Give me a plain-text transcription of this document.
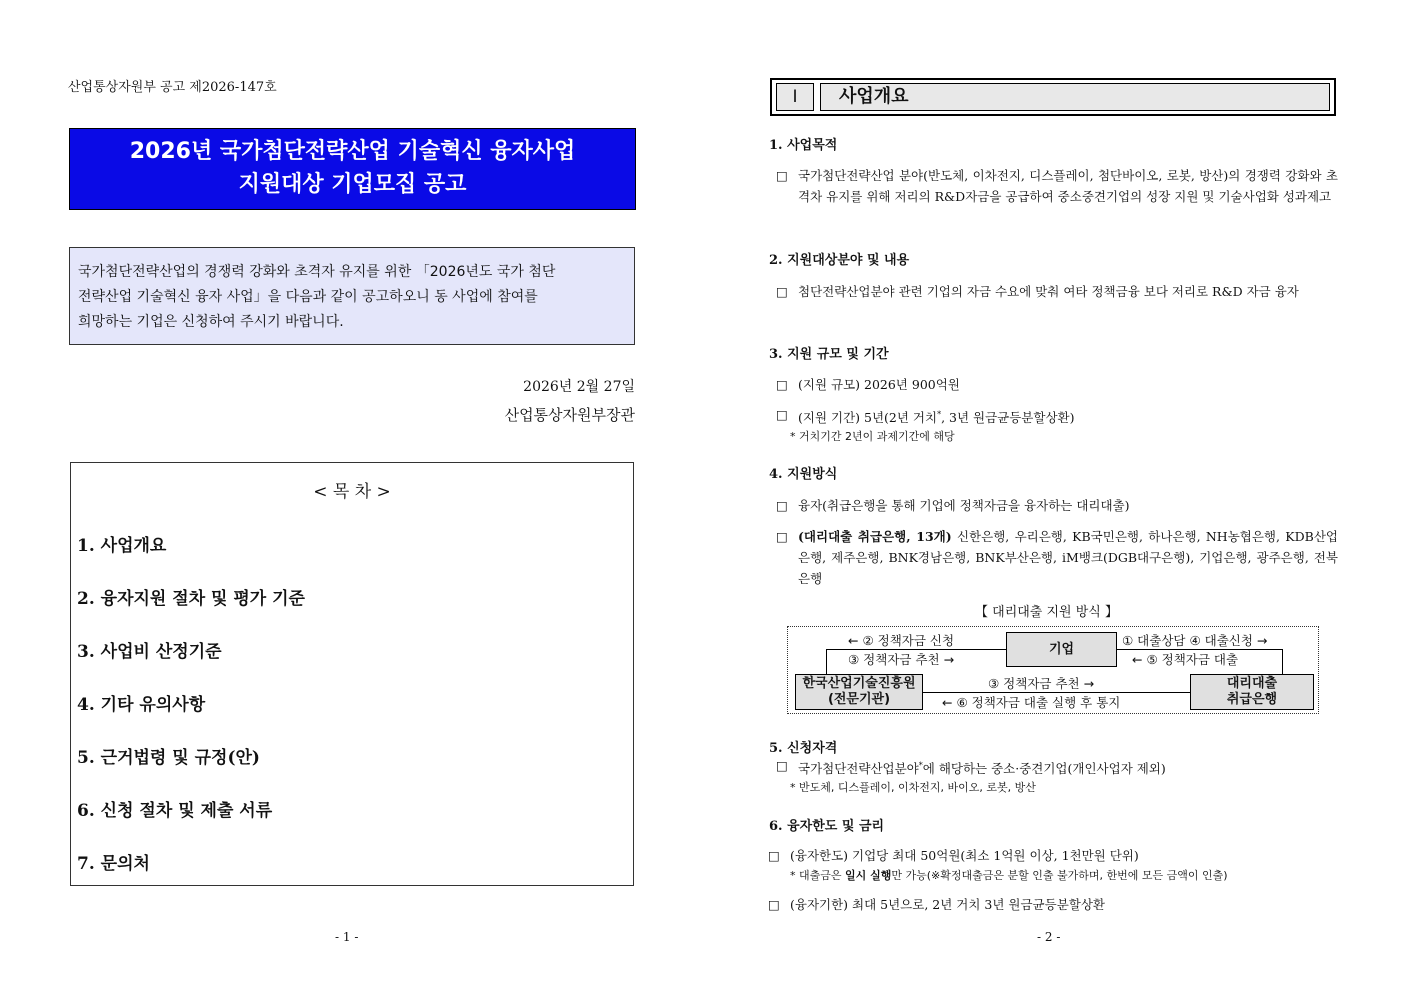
산업통상자원부 공고 제2026-147호
2026년 국가첨단전략산업 기술혁신 융자사업
지원대상 기업모집 공고
국가첨단전략산업의 경쟁력 강화와 초격자 유지를 위한 「2026년도 국가 첨단
전략산업 기술혁신 융자 사업」을 다음과 같이 공고하오니 동 사업에 참여를
희망하는 기업은 신청하여 주시기 바랍니다.
2026년 2월 27일
산업통상자원부장관
< 목 차 >
1. 사업개요
2. 융자지원 절차 및 평가 기준
3. 사업비 산정기준
4. 기타 유의사항
5. 근거법령 및 규정(안)
6. 신청 절차 및 제출 서류
7. 문의처
- 1 -
Ⅰ	사업개요
1. 사업목적
□ 국가첨단전략산업 분야(반도체, 이차전지, 디스플레이, 첨단바이오, 로봇, 방산)의 경쟁력 강화와 초격차 유지를 위해 저리의 R&D자금을 공급하여 중소중견기업의 성장 지원 및 기술사업화 성과제고
2. 지원대상분야 및 내용
□ 첨단전략산업분야 관련 기업의 자금 수요에 맞춰 여타 정책금융 보다 저리로 R&D 자금 융자
3. 지원 규모 및 기간
□ (지원 규모) 2026년 900억원
□ (지원 기간) 5년(2년 거치*, 3년 원금균등분할상환)
* 거치기간 2년이 과제기간에 해당
4. 지원방식
□ 융자(취급은행을 통해 기업에 정책자금을 융자하는 대리대출)
□ (대리대출 취급은행, 13개) 신한은행, 우리은행, KB국민은행, 하나은행, NH농협은행, KDB산업은행, 제주은행, BNK경남은행, BNK부산은행, iM뱅크(DGB대구은행), 기업은행, 광주은행, 전북은행
【 대리대출 지원 방식 】
기업
한국산업기술진흥원
(전문기관)
대리대출
취급은행
← ② 정책자금 신청
③ 정책자금 추천 →
① 대출상담 ④ 대출신청 →
← ⑤ 정책자금 대출
③ 정책자금 추천 →
← ⑥ 정책자금 대출 실행 후 통지
5. 신청자격
□ 국가첨단전략산업분야*에 해당하는 중소·중견기업(개인사업자 제외)
* 반도체, 디스플레이, 이차전지, 바이오, 로봇, 방산
6. 융자한도 및 금리
□ (융자한도) 기업당 최대 50억원(최소 1억원 이상, 1천만원 단위)
* 대출금은 일시 실행만 가능(※확정대출금은 분할 인출 불가하며, 한번에 모든 금액이 인출)
□ (융자기한) 최대 5년으로, 2년 거치 3년 원금균등분할상환
- 2 -
